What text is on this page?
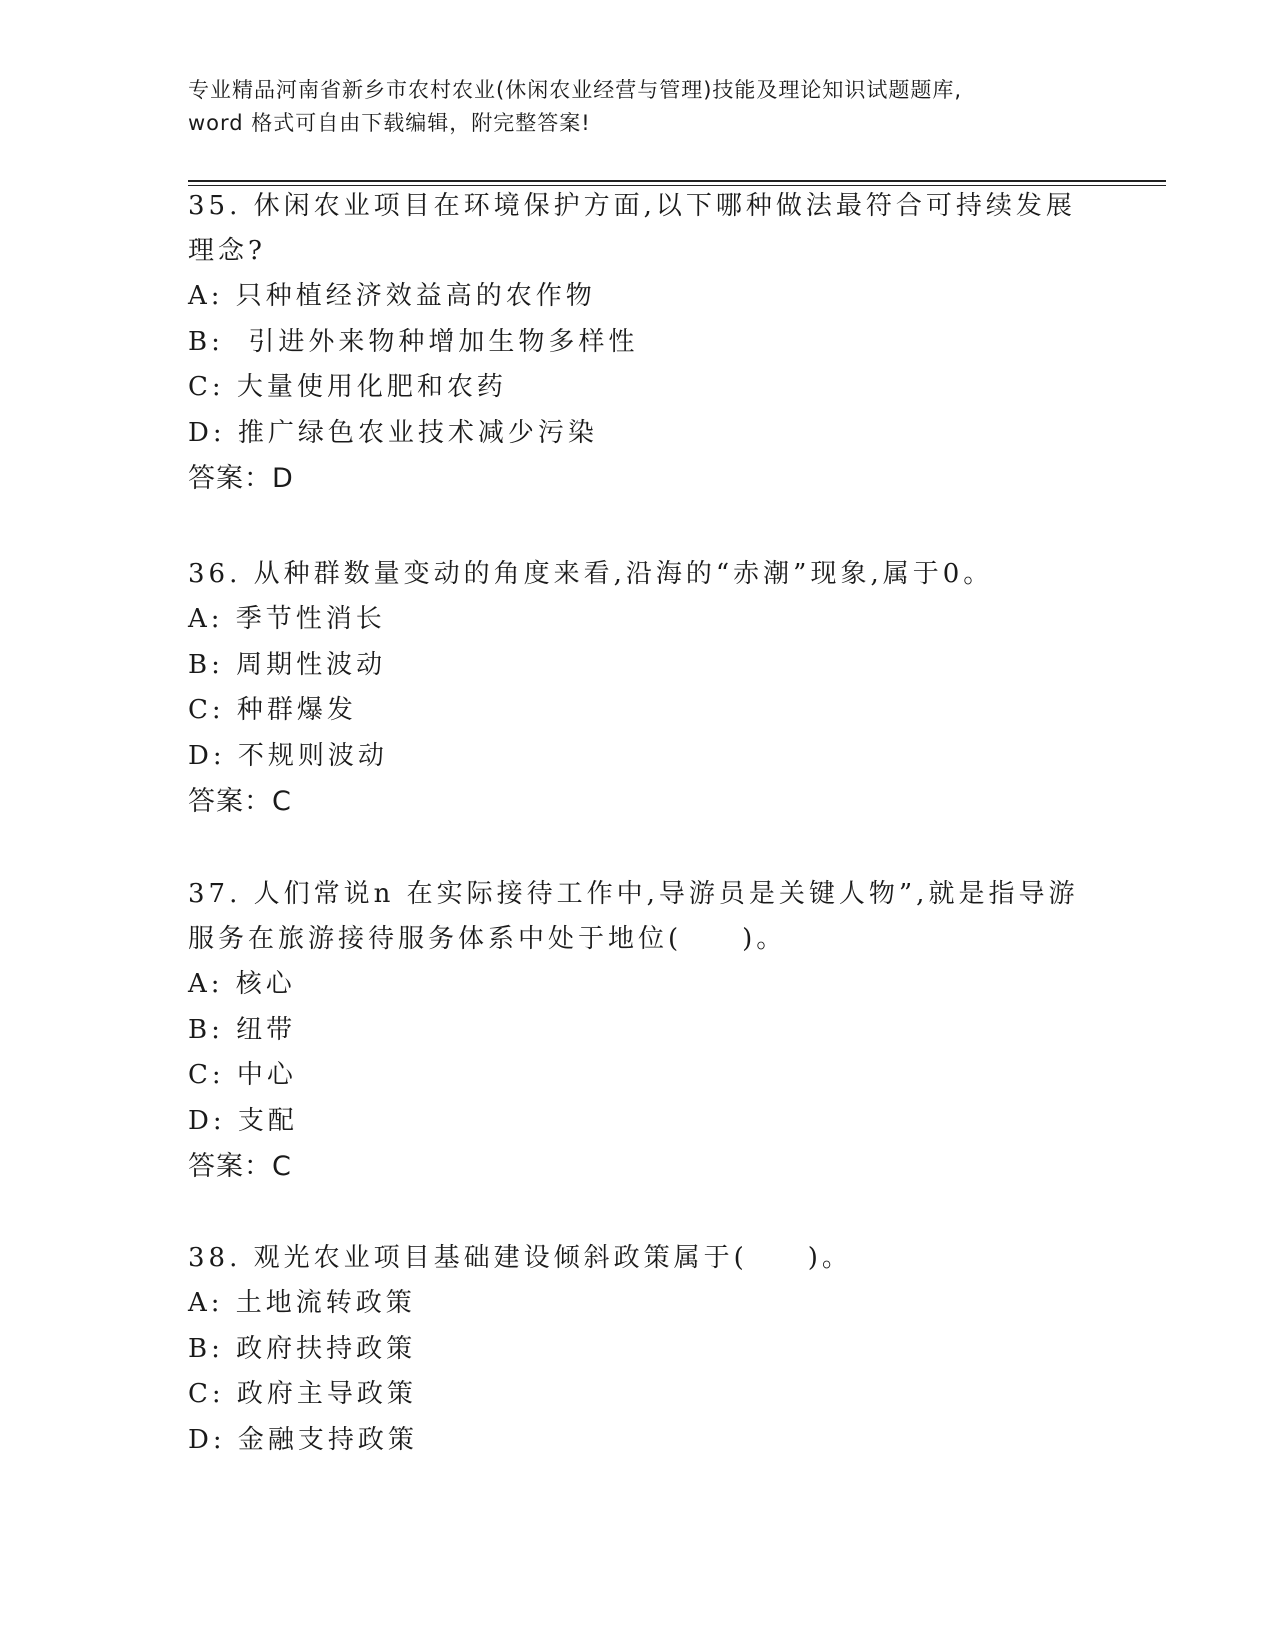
专业精品河南省新乡市农村农业(休闲农业经营与管理)技能及理论知识试题题库,
word 格式可自由下载编辑，附完整答案!

35. 休闲农业项目在环境保护方面,以下哪种做法最符合可持续发展理念?

A: 只种植经济效益高的农作物

B:  引进外来物种增加生物多样性

C: 大量使用化肥和农药

D: 推广绿色农业技术减少污染

答案：D

36. 从种群数量变动的角度来看,沿海的“赤潮”现象,属于0。

A: 季节性消长

B: 周期性波动

C: 种群爆发

D: 不规则波动

答案：C

37. 人们常说n 在实际接待工作中,导游员是关键人物”,就是指导游服务在旅游接待服务体系中处于地位(　　)。

A: 核心

B: 纽带

C: 中心

D: 支配

答案：C

38. 观光农业项目基础建设倾斜政策属于(　　)。

A: 土地流转政策

B: 政府扶持政策

C: 政府主导政策

D: 金融支持政策
